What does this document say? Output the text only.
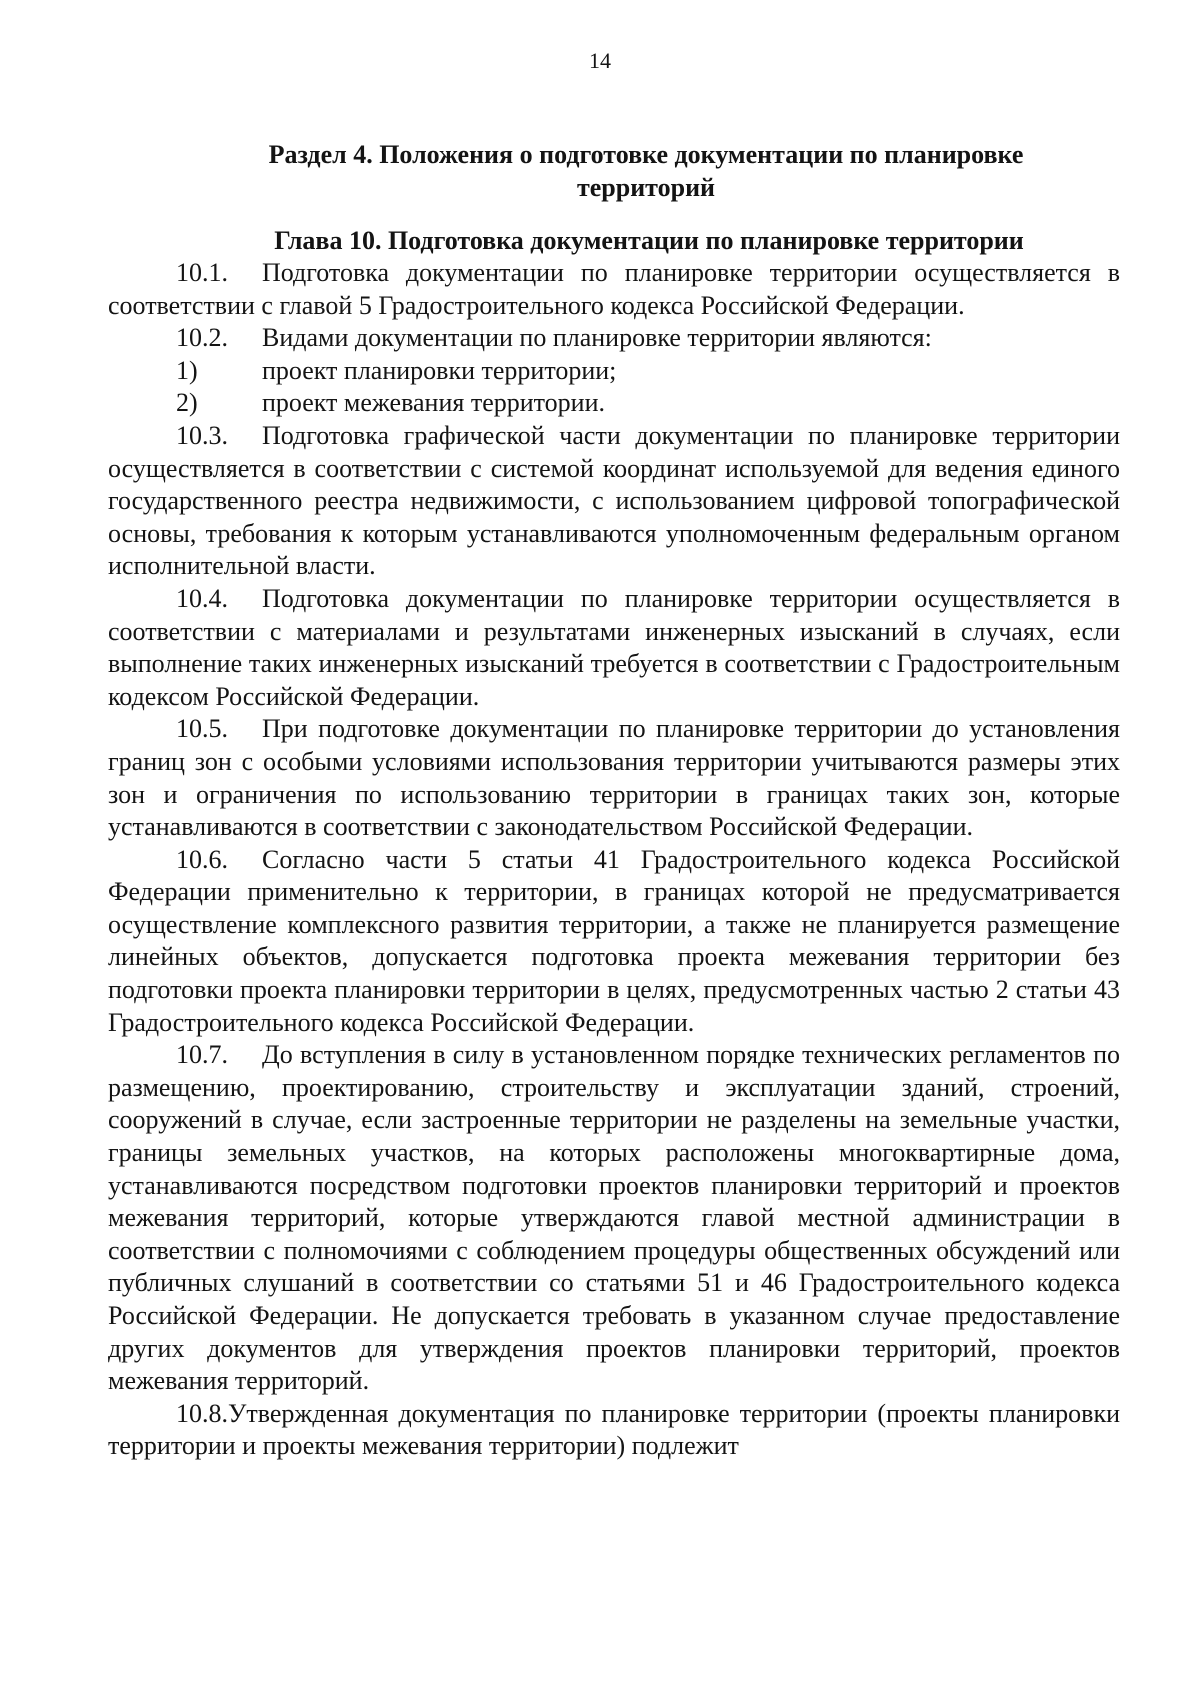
14

Раздел 4. Положения о подготовке документации по планировке территорий

Глава 10. Подготовка документации по планировке территории

10.1. Подготовка документации по планировке территории осуществляется в соответствии с главой 5 Градостроительного кодекса Российской Федерации.

10.2. Видами документации по планировке территории являются:

1) проект планировки территории;

2) проект межевания территории.

10.3. Подготовка графической части документации по планировке территории осуществляется в соответствии с системой координат используемой для ведения единого государственного реестра недвижимости, с использованием цифровой топографической основы, требования к которым устанавливаются уполномоченным федеральным органом исполнительной власти.

10.4. Подготовка документации по планировке территории осуществляется в соответствии с материалами и результатами инженерных изысканий в случаях, если выполнение таких инженерных изысканий требуется в соответствии с Градостроительным кодексом Российской Федерации.

10.5. При подготовке документации по планировке территории до установления границ зон с особыми условиями использования территории учитываются размеры этих зон и ограничения по использованию территории в границах таких зон, которые устанавливаются в соответствии с законодательством Российской Федерации.

10.6. Согласно части 5 статьи 41 Градостроительного кодекса Российской Федерации применительно к территории, в границах которой не предусматривается осуществление комплексного развития территории, а также не планируется размещение линейных объектов, допускается подготовка проекта межевания территории без подготовки проекта планировки территории в целях, предусмотренных частью 2 статьи 43 Градостроительного кодекса Российской Федерации.

10.7. До вступления в силу в установленном порядке технических регламентов по размещению, проектированию, строительству и эксплуатации зданий, строений, сооружений в случае, если застроенные территории не разделены на земельные участки, границы земельных участков, на которых расположены многоквартирные дома, устанавливаются посредством подготовки проектов планировки территорий и проектов межевания территорий, которые утверждаются главой местной администрации в соответствии с полномочиями с соблюдением процедуры общественных обсуждений или публичных слушаний в соответствии со статьями 51 и 46 Градостроительного кодекса Российской Федерации. Не допускается требовать в указанном случае предоставление других документов для утверждения проектов планировки территорий, проектов межевания территорий.

10.8.Утвержденная документация по планировке территории (проекты планировки территории и проекты межевания территории) подлежит
